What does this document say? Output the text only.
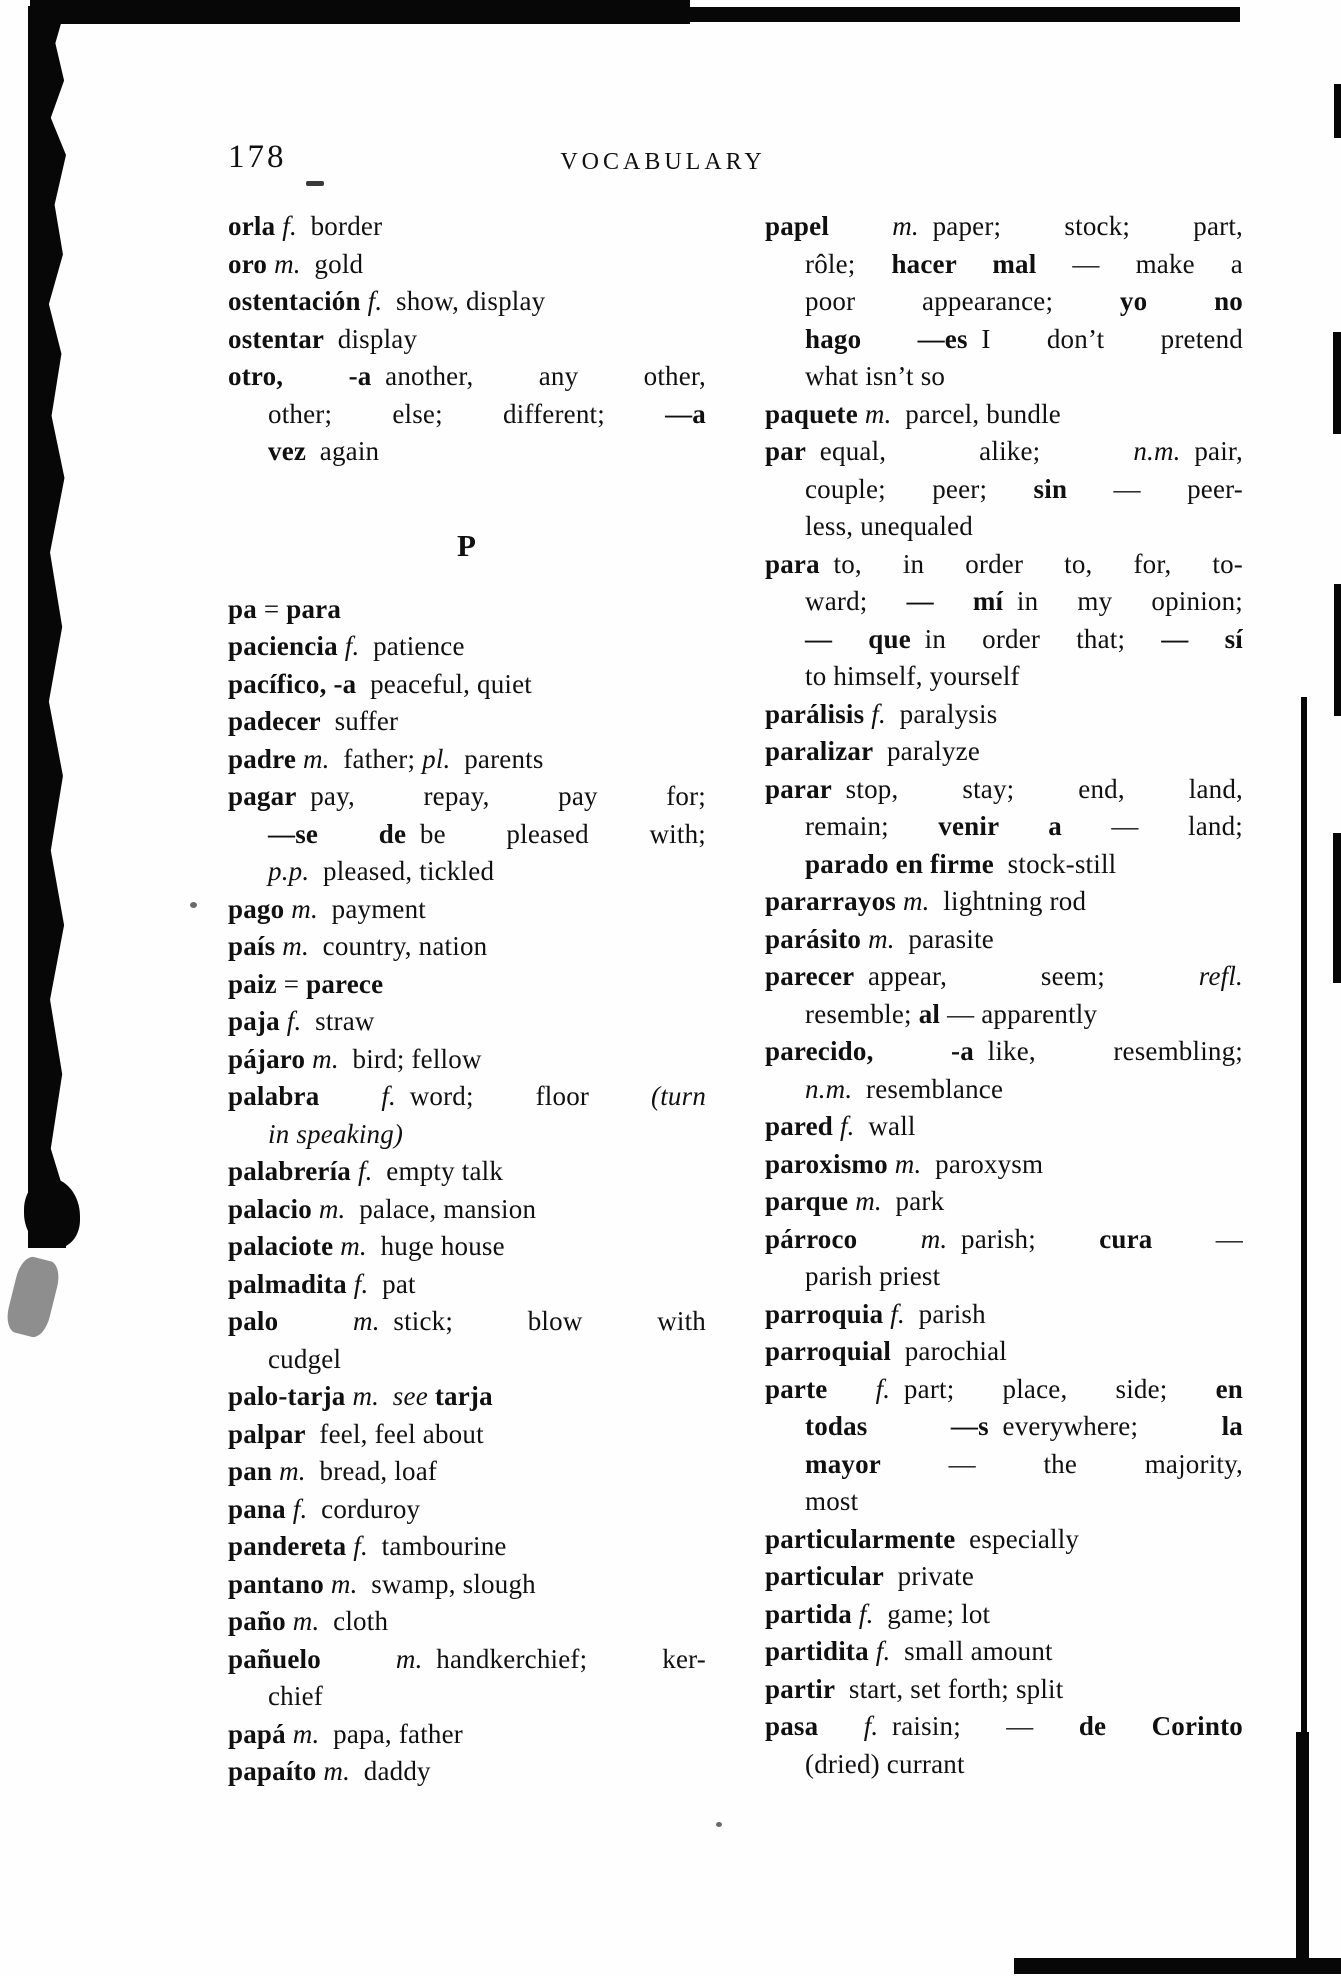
178	VOCABULARY
orla f. border
oro m. gold
ostentación f. show, display
ostentar display
otro, -a another, any other,
other; else; different; —a
vez again
P
pa = para
paciencia f. patience
pacífico, -a peaceful, quiet
padecer suffer
padre m. father; pl. parents
pagar pay, repay, pay for;
—se de be pleased with;
p.p. pleased, tickled
pago m. payment
país m. country, nation
paiz = parece
paja f. straw
pájaro m. bird; fellow
palabra f. word; floor (turn
in speaking)
palabrería f. empty talk
palacio m. palace, mansion
palaciote m. huge house
palmadita f. pat
palo	m. stick; blow with
cudgel
palo-tarja m.  see tarja
palpar feel, feel about
pan m. bread, loaf
pana f. corduroy
pandereta f. tambourine
pantano m. swamp, slough
paño m. cloth
pañuelo	m. handkerchief; ker-
chief
papá m. papa, father
papaíto m. daddy
papel m. paper; stock; part,
rôle; hacer mal — make a
poor appearance; yo no
hago —es I don’t pretend
what isn’t so
paquete m. parcel, bundle
par equal, alike; n.m. pair,
couple; peer; sin — peer-
less, unequaled
para to, in order to, for, to-
ward; — mí in my opinion;
— que in order that; — sí
to himself, yourself
parálisis f. paralysis
paralizar paralyze
parar stop, stay; end, land,
remain; venir a — land;
parado en firme stock-still
pararrayos m. lightning rod
parásito m. parasite
parecer appear, seem; refl.
resemble; al — apparently
parecido, -a like, resembling;
n.m. resemblance
pared f. wall
paroxismo m. paroxysm
parque m. park
párroco m. parish; cura —
parish priest
parroquia f. parish
parroquial parochial
parte f. part; place, side; en
todas —s everywhere; la
mayor — the majority,
most
particularmente especially
particular private
partida f. game; lot
partidita f. small amount
partir start, set forth; split
pasa f. raisin; — de Corinto
(dried) currant
